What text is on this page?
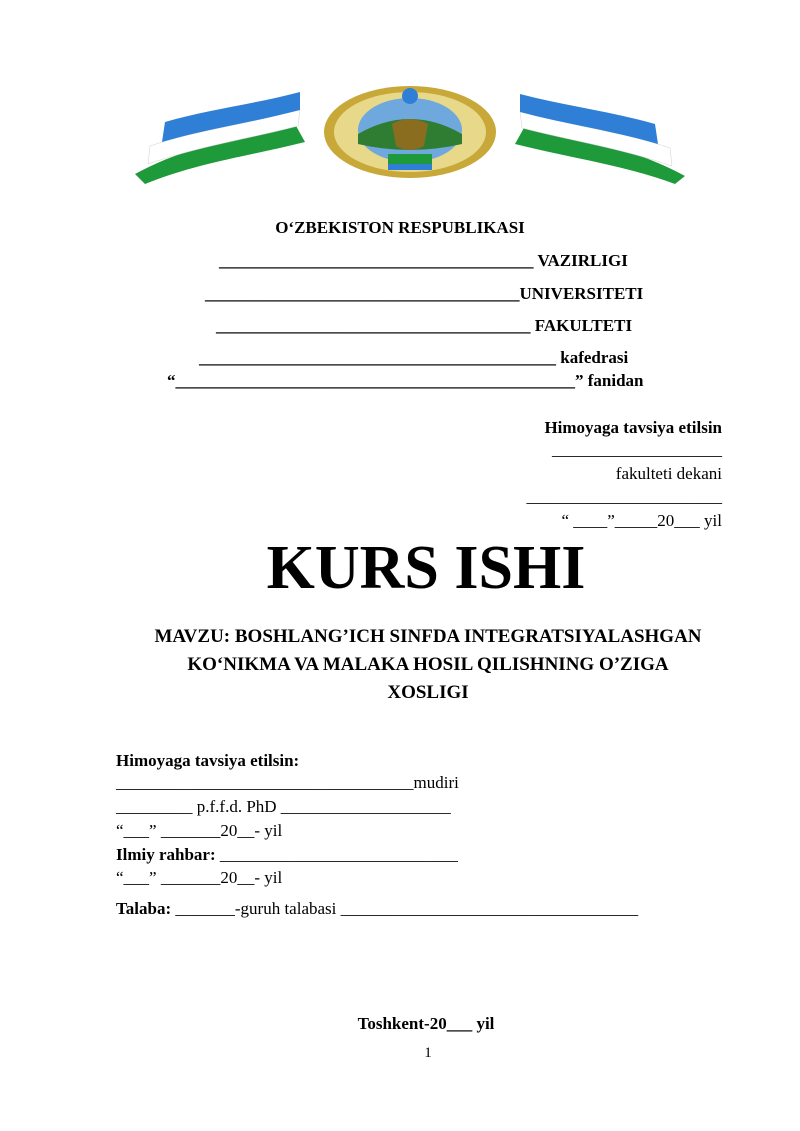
O‘ZBEKISTON RESPUBLIKASI
_____________________________________ VAZIRLIGI
_____________________________________UNIVERSITETI
_____________________________________ FAKULTETI
__________________________________________ kafedrasi
“_______________________________________________” fanidan
Himoyaga tavsiya etilsin
____________________
fakulteti dekani
_______________________
“ ____”_____20___ yil
KURS ISHI
MAVZU: BOSHLANG’ICH SINFDA INTEGRATSIYALASHGAN
KO‘NIKMA VA MALAKA HOSIL QILISHNING O’ZIGA
XOSLIGI
Himoyaga tavsiya etilsin:
___________________________________mudiri
_________ p.f.f.d. PhD ____________________
“___” _______20__- yil
Ilmiy rahbar: ____________________________
“___” _______20__- yil
Talaba: _______-guruh talabasi ___________________________________
Toshkent-20___ yil
1
